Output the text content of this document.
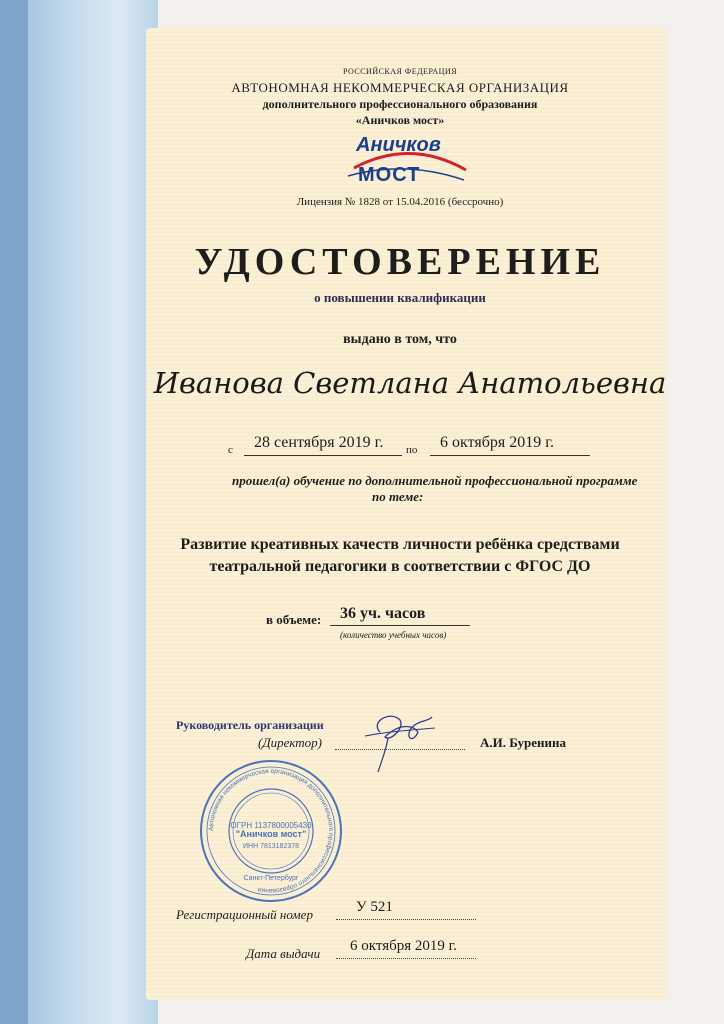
РОССИЙСКАЯ ФЕДЕРАЦИЯ
АВТОНОМНАЯ НЕКОММЕРЧЕСКАЯ ОРГАНИЗАЦИЯ
дополнительного профессионального образования
«Аничков мост»
Аничков
МОСТ
Лицензия № 1828 от 15.04.2016 (бессрочно)
УДОСТОВЕРЕНИЕ
о повышении квалификации
выдано в том, что
Иванова Светлана Анатольевна
с 28 сентября 2019 г. по 6 октября 2019 г.
прошел(а) обучение по дополнительной профессиональной программе
по теме:
Развитие креативных качеств личности ребёнка средствами
театральной педагогики в соответствии с ФГОС ДО
в объеме: 36 уч. часов
(количество учебных часов)
Руководитель организации
(Директор)	А.И. Буренина
Автономная некоммерческая организация дополнительного профессионального образования
ОГРН 1137800005430
"Аничков мост"
ИНН 7813182378
Санкт-Петербург
Регистрационный номер	У 521
Дата выдачи 6 октября 2019 г.
